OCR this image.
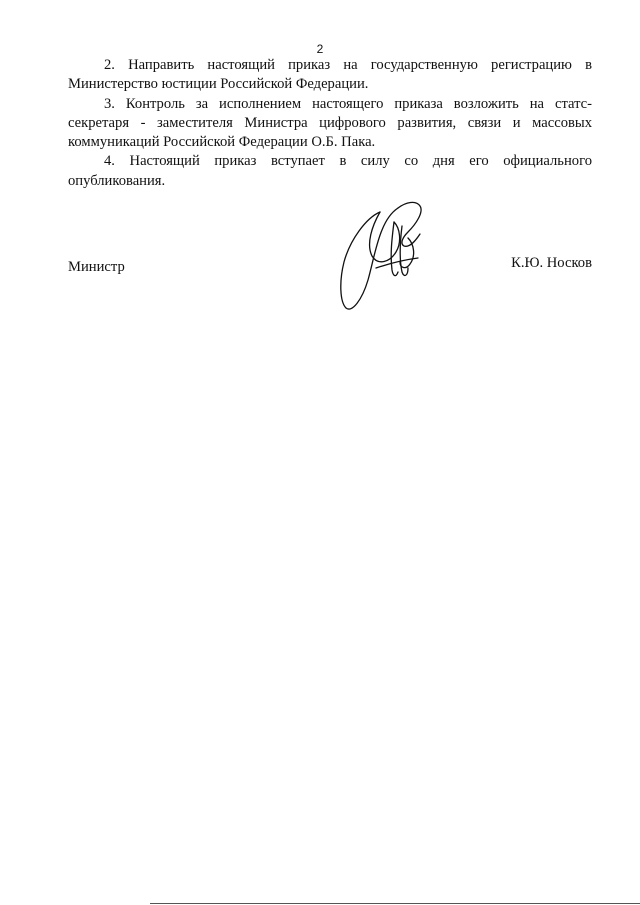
2

2. Направить настоящий приказ на государственную регистрацию в Министерство юстиции Российской Федерации.

3. Контроль за исполнением настоящего приказа возложить на статс-секретаря - заместителя Министра цифрового развития, связи и массовых коммуникаций Российской Федерации О.Б. Пака.

4. Настоящий приказ вступает в силу со дня его официального опубликования.

Министр	К.Ю. Носков
